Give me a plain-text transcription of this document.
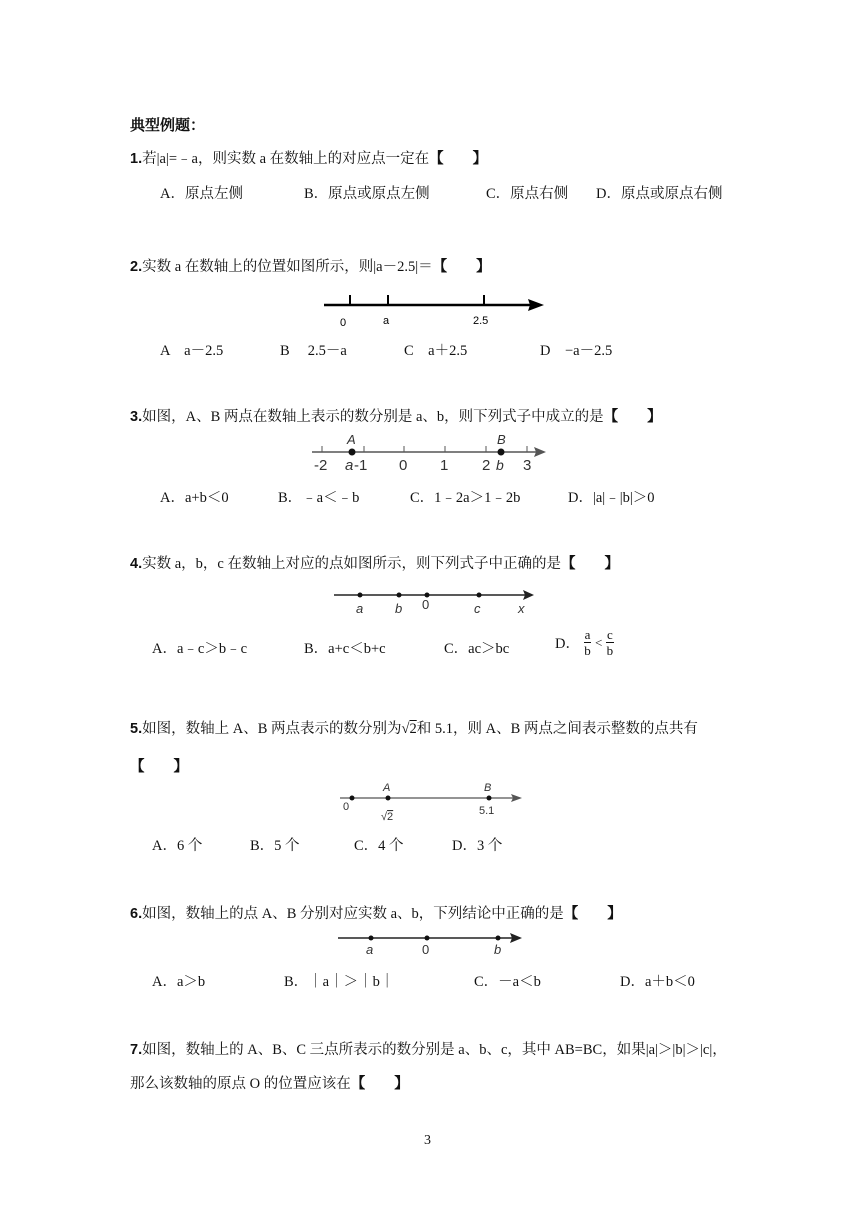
典型例题：
1.若|a|=﹣a，则实数 a 在数轴上的对应点一定在【　　】
A．原点左侧	B．原点或原点左侧	C．原点右侧 D．原点或原点右侧
2.实数 a 在数轴上的位置如图所示，则|a－2.5|＝【　　】
0	a	2.5
A　a－2.5	B　 2.5－a	C　a＋2.5	D　−a－2.5
3.如图，A、B 两点在数轴上表示的数分别是 a、b，则下列式子中成立的是【　　】
A	B
-2 a -1 0 1 2 b 3
A．a+b＜0	B．﹣a＜﹣b	C．1﹣2a＞1﹣2b	D．|a|﹣|b|＞0
4.实数 a，b，c 在数轴上对应的点如图所示，则下列式子中正确的是【　　】
a b 0	c	x
A．a﹣c＞b﹣c	B．a+c＜b+c	C．ac＞bc	D． $\frac{a}{b} < \frac{c}{b}$
5.如图，数轴上 A、B 两点表示的数分别为√2和 5.1，则 A、B 两点之间表示整数的点共有
【　　】
0
A	B
√2	5.1
A．6 个	B．5 个	C．4 个	D．3 个
6.如图，数轴上的点 A、B 分别对应实数 a、b，下列结论中正确的是【　　】
a	0	b
A．a＞b	B．｜a｜＞｜b｜	C．－a＜b	D．a＋b＜0
7.如图，数轴上的 A、B、C 三点所表示的数分别是 a、b、c，其中 AB=BC，如果|a|＞|b|＞|c|，
那么该数轴的原点 O 的位置应该在【　　】
3
